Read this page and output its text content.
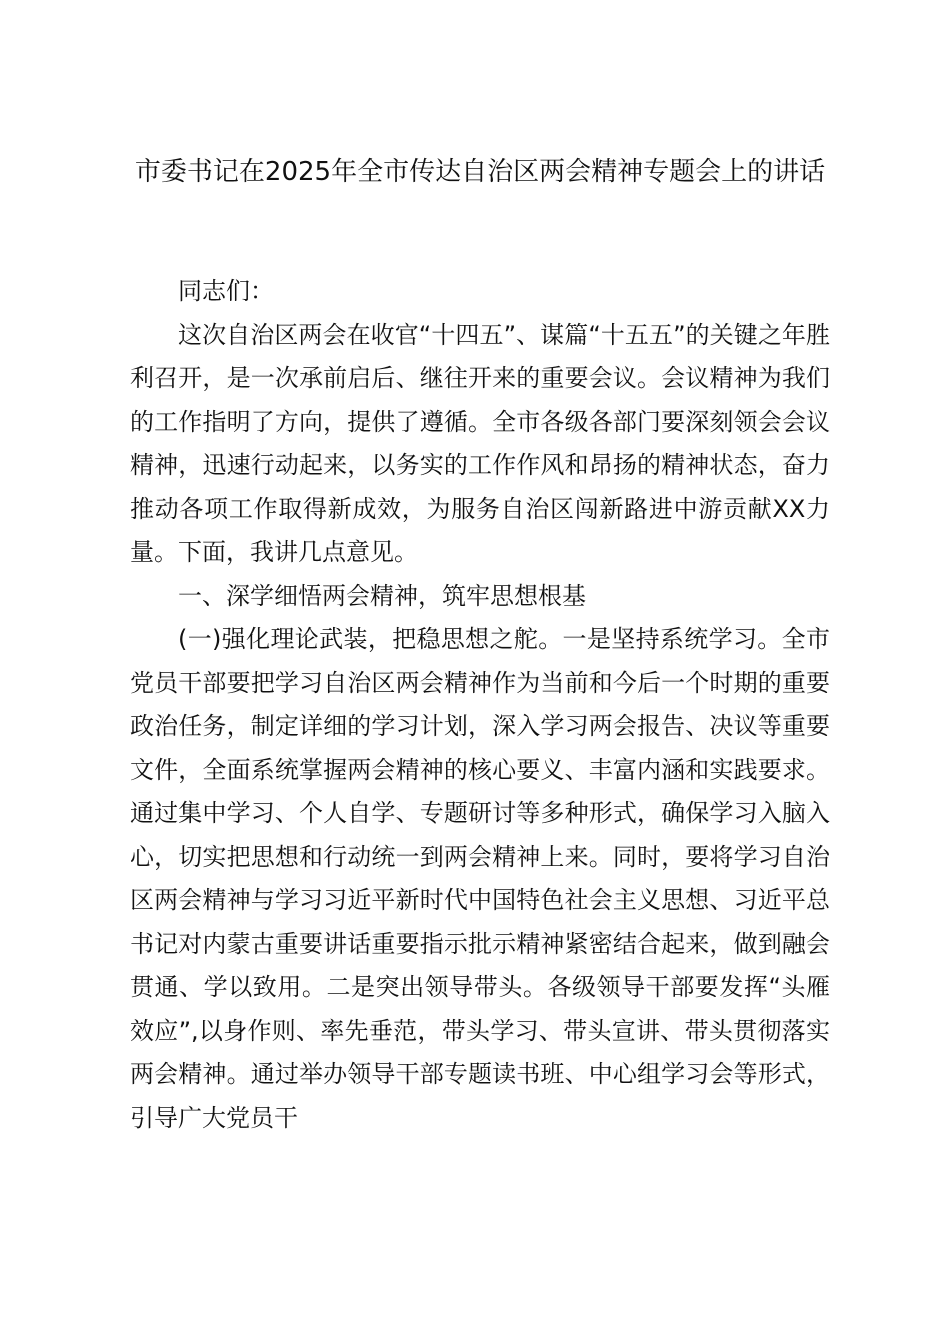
市委书记在2025年全市传达自治区两会精神专题会上的讲话

同志们：

这次自治区两会在收官“十四五”、谋篇“十五五”的关键之年胜利召开，是一次承前启后、继往开来的重要会议。会议精神为我们的工作指明了方向，提供了遵循。全市各级各部门要深刻领会会议精神，迅速行动起来，以务实的工作作风和昂扬的精神状态，奋力推动各项工作取得新成效，为服务自治区闯新路进中游贡献XX力量。下面，我讲几点意见。

一、深学细悟两会精神，筑牢思想根基

(一)强化理论武装，把稳思想之舵。一是坚持系统学习。全市党员干部要把学习自治区两会精神作为当前和今后一个时期的重要政治任务，制定详细的学习计划，深入学习两会报告、决议等重要文件，全面系统掌握两会精神的核心要义、丰富内涵和实践要求。通过集中学习、个人自学、专题研讨等多种形式，确保学习入脑入心，切实把思想和行动统一到两会精神上来。同时，要将学习自治区两会精神与学习习近平新时代中国特色社会主义思想、习近平总书记对内蒙古重要讲话重要指示批示精神紧密结合起来，做到融会贯通、学以致用。二是突出领导带头。各级领导干部要发挥“头雁效应”,以身作则、率先垂范，带头学习、带头宣讲、带头贯彻落实两会精神。通过举办领导干部专题读书班、中心组学习会等形式，引导广大党员干
